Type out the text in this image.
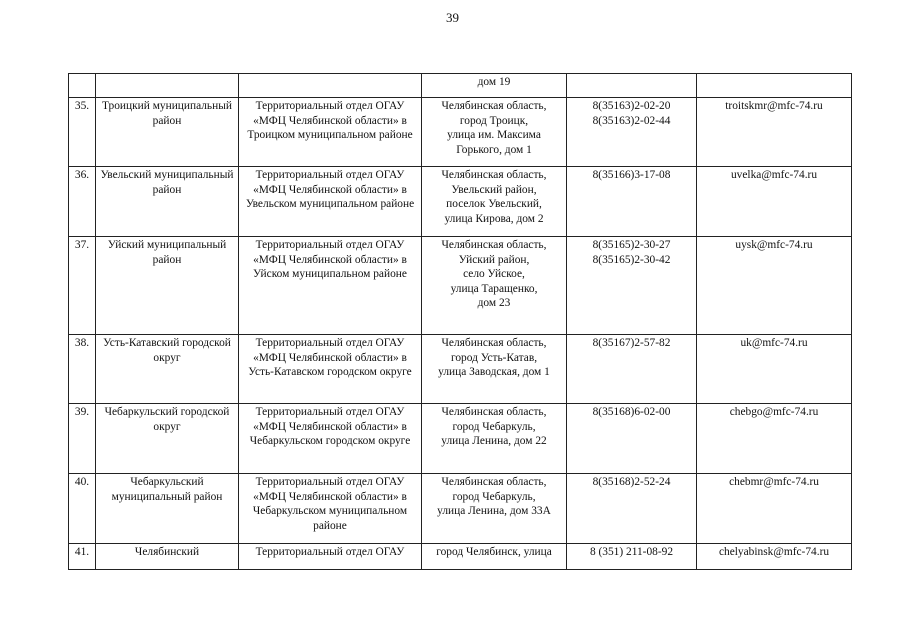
39
			дом 19		
35.	Троицкий муниципальный район	Территориальный отдел ОГАУ «МФЦ Челябинской области» в Троицком муниципальном районе	Челябинская область,
город Троицк,
улица им. Максима
Горького, дом 1	8(35163)2-02-20
8(35163)2-02-44	troitskmr@mfc-74.ru
36.	Увельский муниципальный район	Территориальный отдел ОГАУ «МФЦ Челябинской области» в Увельском муниципальном районе	Челябинская область,
Увельский район,
поселок Увельский,
улица Кирова, дом 2	8(35166)3-17-08	uvelka@mfc-74.ru
37.	Уйский муниципальный район	Территориальный отдел ОГАУ «МФЦ Челябинской области» в Уйском муниципальном районе	Челябинская область,
Уйский район,
село Уйское,
улица Таращенко,
дом 23	8(35165)2-30-27
8(35165)2-30-42	uysk@mfc-74.ru
38.	Усть-Катавский городской округ	Территориальный отдел ОГАУ «МФЦ Челябинской области» в Усть-Катавском городском округе	Челябинская область,
город Усть-Катав,
улица Заводская, дом 1	8(35167)2-57-82	uk@mfc-74.ru
39.	Чебаркульский городской округ	Территориальный отдел ОГАУ «МФЦ Челябинской области» в Чебаркульском городском округе	Челябинская область,
город Чебаркуль,
улица Ленина, дом 22	8(35168)6-02-00	chebgo@mfc-74.ru
40.	Чебаркульский муниципальный район	Территориальный отдел ОГАУ «МФЦ Челябинской области» в Чебаркульском муниципальном районе	Челябинская область,
город Чебаркуль,
улица Ленина, дом 33А	8(35168)2-52-24	chebmr@mfc-74.ru
41.	Челябинский	Территориальный отдел ОГАУ	город Челябинск, улица	8 (351) 211-08-92	chelyabinsk@mfc-74.ru
